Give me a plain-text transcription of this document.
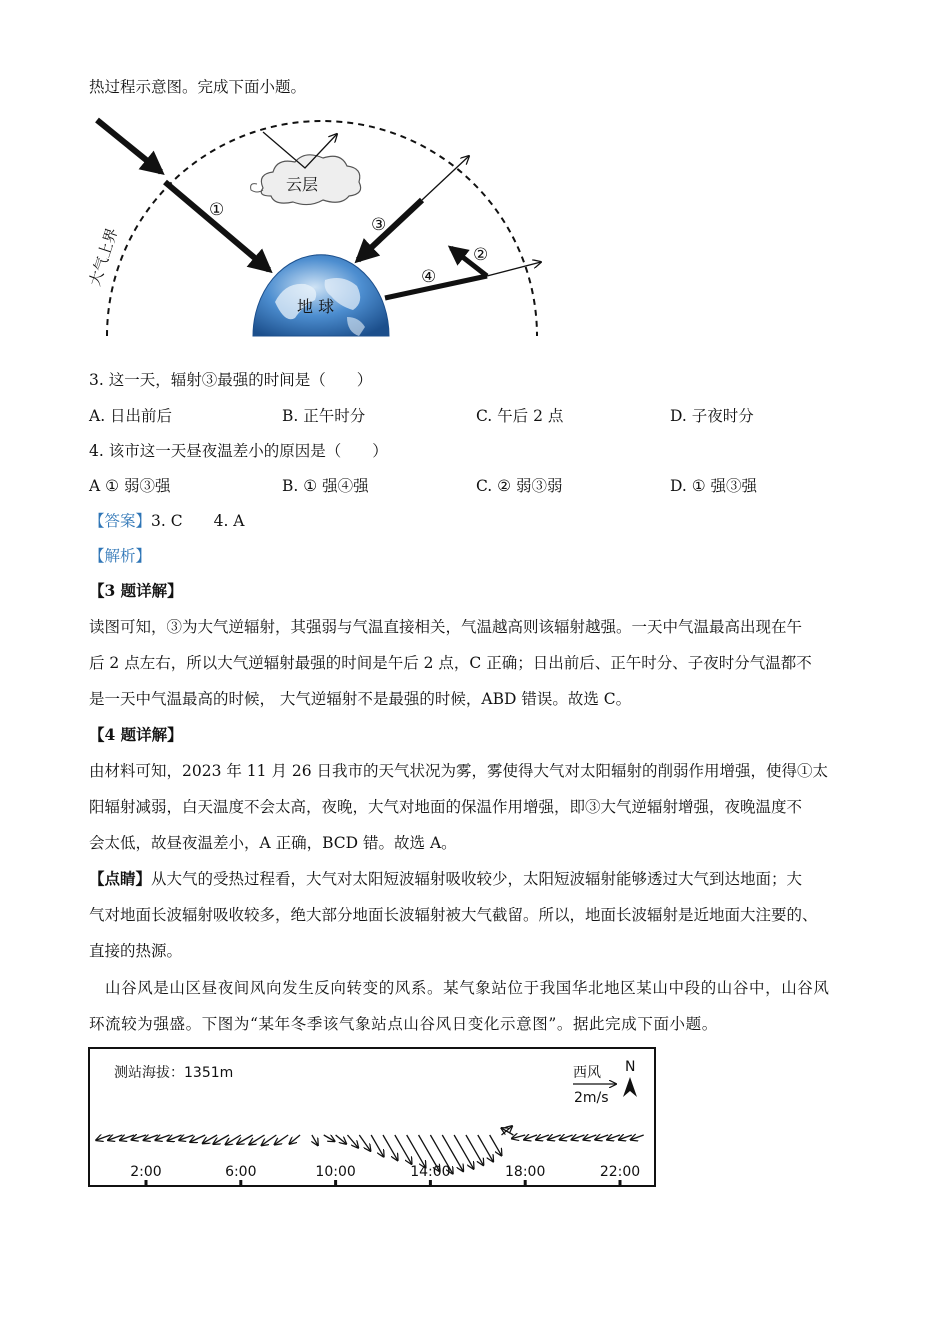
热过程示意图。完成下面小题。
大气上界
地 球
云层
①
③
④
②
3. 这一天，辐射③最强的时间是（　　）
A. 日出前后	B. 正午时分	C. 午后 2 点	D. 子夜时分
4. 该市这一天昼夜温差小的原因是（　　）
A ① 弱③强	B. ① 强④强	C. ② 弱③弱	D. ① 强③强
【答案】3. C　　4. A
【解析】
【3 题详解】
读图可知，③为大气逆辐射，其强弱与气温直接相关，气温越高则该辐射越强。一天中气温最高出现在午
后 2 点左右，所以大气逆辐射最强的时间是午后 2 点，C 正确；日出前后、正午时分、子夜时分气温都不
是一天中气温最高的时候， 大气逆辐射不是最强的时候，ABD 错误。故选 C。
【4 题详解】
由材料可知，2023 年 11 月 26 日我市的天气状况为雾，雾使得大气对太阳辐射的削弱作用增强，使得①太
阳辐射减弱，白天温度不会太高，夜晚，大气对地面的保温作用增强，即③大气逆辐射增强，夜晚温度不
会太低，故昼夜温差小，A 正确，BCD 错。故选 A。
【点睛】从大气的受热过程看，大气对太阳短波辐射吸收较少，太阳短波辐射能够透过大气到达地面；大
气对地面长波辐射吸收较多，绝大部分地面长波辐射被大气截留。所以，地面长波辐射是近地面大注要的、
直接的热源。
山谷风是山区昼夜间风向发生反向转变的风系。某气象站位于我国华北地区某山中段的山谷中，山谷风
环流较为强盛。下图为“某年冬季该气象站点山谷风日变化示意图”。据此完成下面小题。
测站海拔：1351m	西风
2m/s
N
2:00	6:00	10:00	14:00	18:00	22:00
